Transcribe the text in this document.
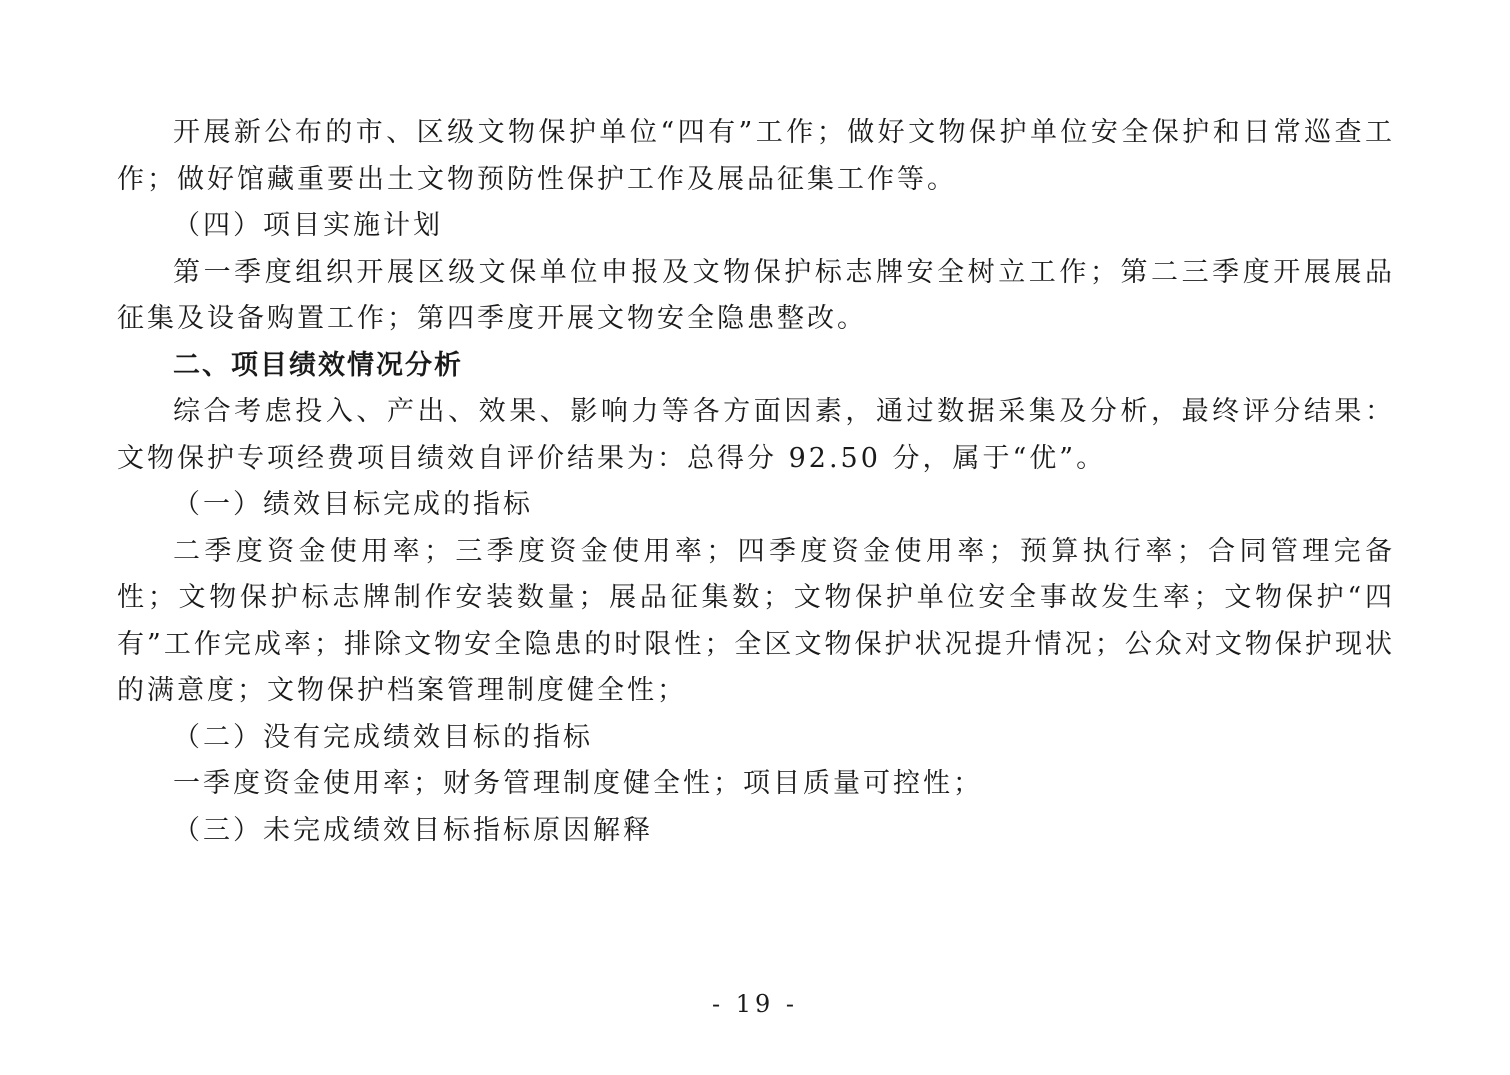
开展新公布的市、区级文物保护单位“四有”工作；做好文物保护单位安全保护和日常巡查工作；做好馆藏重要出土文物预防性保护工作及展品征集工作等。

（四）项目实施计划

第一季度组织开展区级文保单位申报及文物保护标志牌安全树立工作；第二三季度开展展品征集及设备购置工作；第四季度开展文物安全隐患整改。

二、项目绩效情况分析

综合考虑投入、产出、效果、影响力等各方面因素，通过数据采集及分析，最终评分结果：文物保护专项经费项目绩效自评价结果为：总得分 92.50 分，属于“优”。

（一）绩效目标完成的指标

二季度资金使用率；三季度资金使用率；四季度资金使用率；预算执行率；合同管理完备性；文物保护标志牌制作安装数量；展品征集数；文物保护单位安全事故发生率；文物保护“四有”工作完成率；排除文物安全隐患的时限性；全区文物保护状况提升情况；公众对文物保护现状的满意度；文物保护档案管理制度健全性；

（二）没有完成绩效目标的指标

一季度资金使用率；财务管理制度健全性；项目质量可控性；

（三）未完成绩效目标指标原因解释

- 19 -
